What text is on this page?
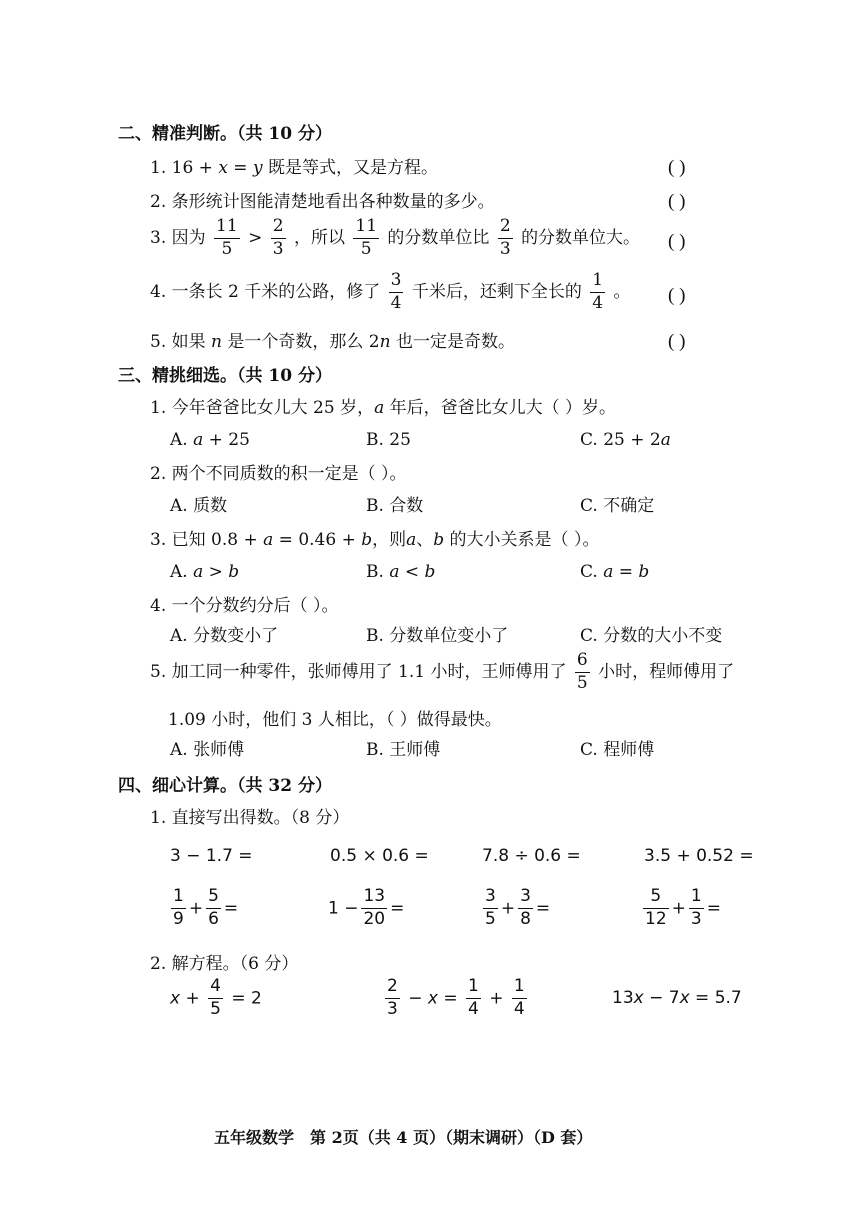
二、精准判断。（共 10 分）
1. 16 + x = y 既是等式，又是方程。	( )
2. 条形统计图能清楚地看出各种数量的多少。	( )
3. 因为 $\frac{11}{5} > \frac{2}{3}$ ，所以 $\frac{11}{5}$ 的分数单位比 $\frac{2}{3}$ 的分数单位大。 ( )
4. 一条长 2 千米的公路，修了 $\frac{3}{4}$ 千米后，还剩下全长的 $\frac{1}{4}$ 。 ( )
5. 如果 n 是一个奇数，那么 2n 也一定是奇数。	( )
三、精挑细选。（共 10 分）
1. 今年爸爸比女儿大 25 岁，a 年后，爸爸比女儿大（ ）岁。
A. a + 25	B. 25	C. 25 + 2a
2. 两个不同质数的积一定是（ ）。
A. 质数	B. 合数	C. 不确定
3. 已知 0.8 + a = 0.46 + b，则a、b 的大小关系是（ ）。
A. a > b	B. a < b	C. a = b
4. 一个分数约分后（ ）。
A. 分数变小了	B. 分数单位变小了	C. 分数的大小不变
5. 加工同一种零件，张师傅用了 1.1 小时，王师傅用了 $\frac{6}{5}$ 小时，程师傅用了
1.09 小时，他们 3 人相比，（ ）做得最快。
A. 张师傅	B. 王师傅	C. 程师傅
四、细心计算。（共 32 分）
1. 直接写出得数。（8 分）
3 − 1.7 =	0.5 × 0.6 =	7.8 ÷ 0.6 =	3.5 + 0.52 =
$\frac{1}{9} + \frac{5}{6}$ =	$1 - \frac{13}{20}$ =	$\frac{3}{5} + \frac{3}{8}$ =	$\frac{5}{12} + \frac{1}{3}$ =
2. 解方程。（6 分）
$x + \frac{4}{5} = 2$	$\frac{2}{3} - x = \frac{1}{4} + \frac{1}{4}$	13x − 7x = 5.7
五年级数学　第 2页（共 4 页）（期末调研）（D 套）
